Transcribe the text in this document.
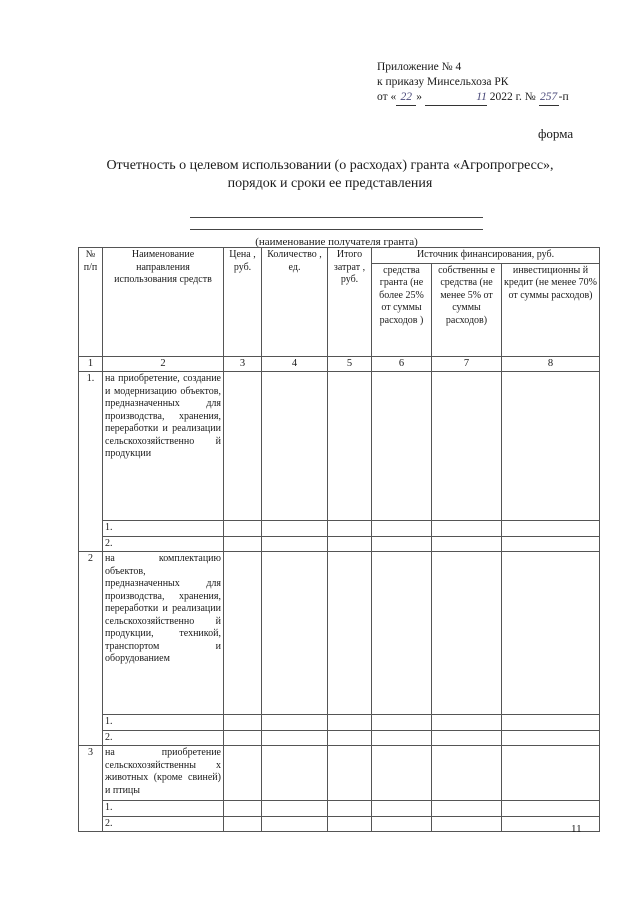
Приложение № 4
к приказу Минсельхоза РК
от « 22 »	11 2022 г. № 257-п
форма
Отчетность о целевом использовании (о расходах) гранта «Агропрогресс»,
порядок и сроки ее представления
(наименование получателя гранта)
№ п/п	Наименование направления использования средств	Цена , руб.	Количество , ед.	Итого затрат , руб.	Источник финансирования, руб.		
					средства гранта (не более 25% от суммы расходов )	собственны е средства (не менее 5% от суммы расходов)	инвестиционны й кредит (не менее 70% от суммы расходов)
1	2	3	4	5	6	7	8
1.	на приобретение, создание и модернизацию объектов, предназначенных для производства, хранения, переработки и реализации сельскохозяйственно й продукции						
	1.						
	2.						
2	на комплектацию объектов, предназначенных для производства, хранения, переработки и реализации сельскохозяйственно й продукции, техникой, транспортом и оборудованием						
	1.						
	2.						
3	на приобретение сельскохозяйственны х животных (кроме свиней) и птицы						
	1.						
	2.							11
